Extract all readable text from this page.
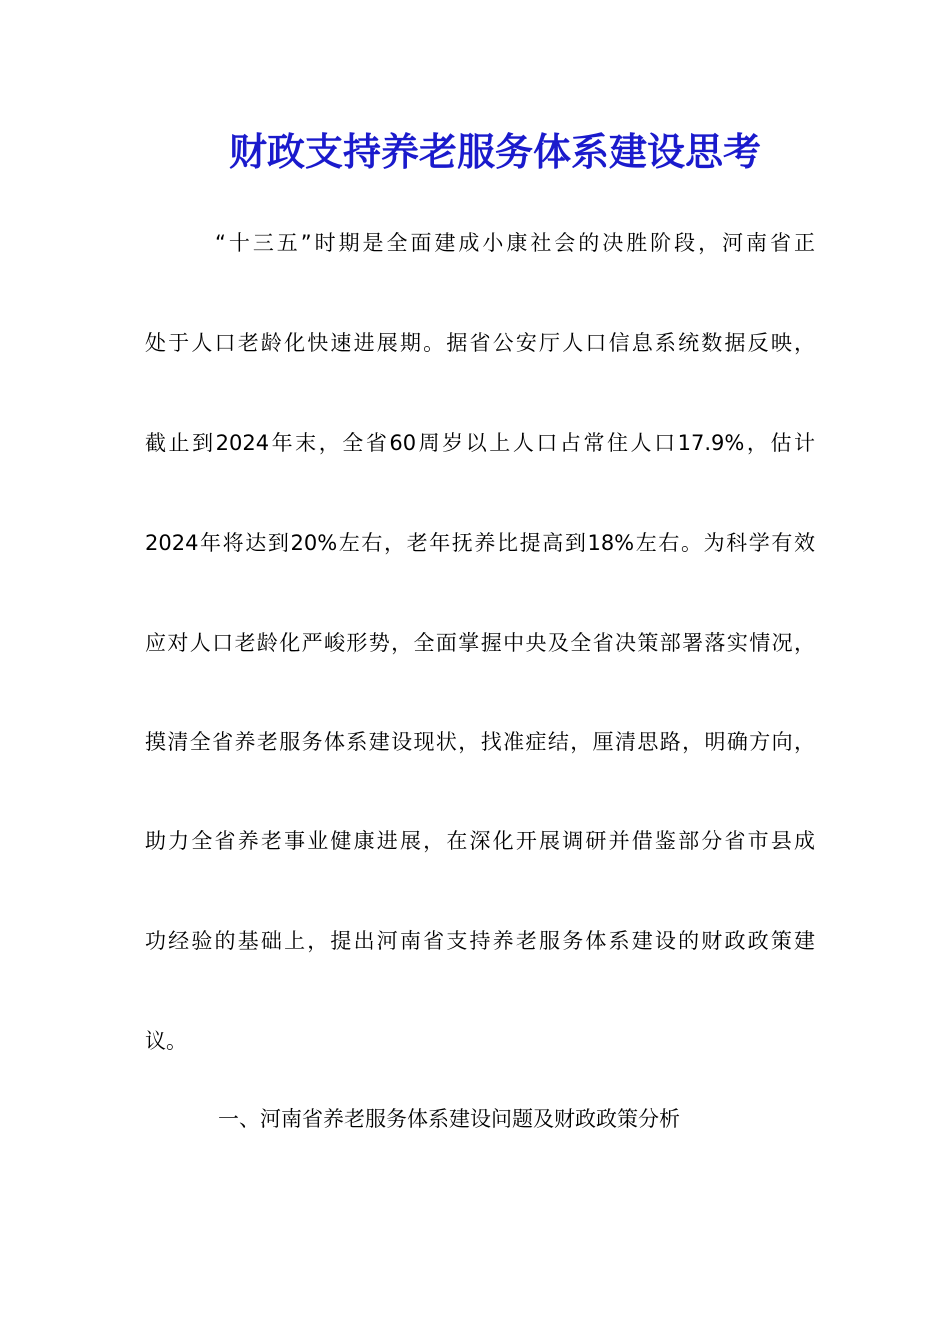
财政支持养老服务体系建设思考

“十三五”时期是全面建成小康社会的决胜阶段，河南省正

处于人口老龄化快速进展期。据省公安厅人口信息系统数据反映，

截止到2024年末，全省60周岁以上人口占常住人口17.9%，估计

2024年将达到20%左右，老年抚养比提高到18%左右。为科学有效

应对人口老龄化严峻形势，全面掌握中央及全省决策部署落实情况，

摸清全省养老服务体系建设现状，找准症结，厘清思路，明确方向，

助力全省养老事业健康进展，在深化开展调研并借鉴部分省市县成

功经验的基础上，提出河南省支持养老服务体系建设的财政政策建

议。

一、河南省养老服务体系建设问题及财政政策分析
